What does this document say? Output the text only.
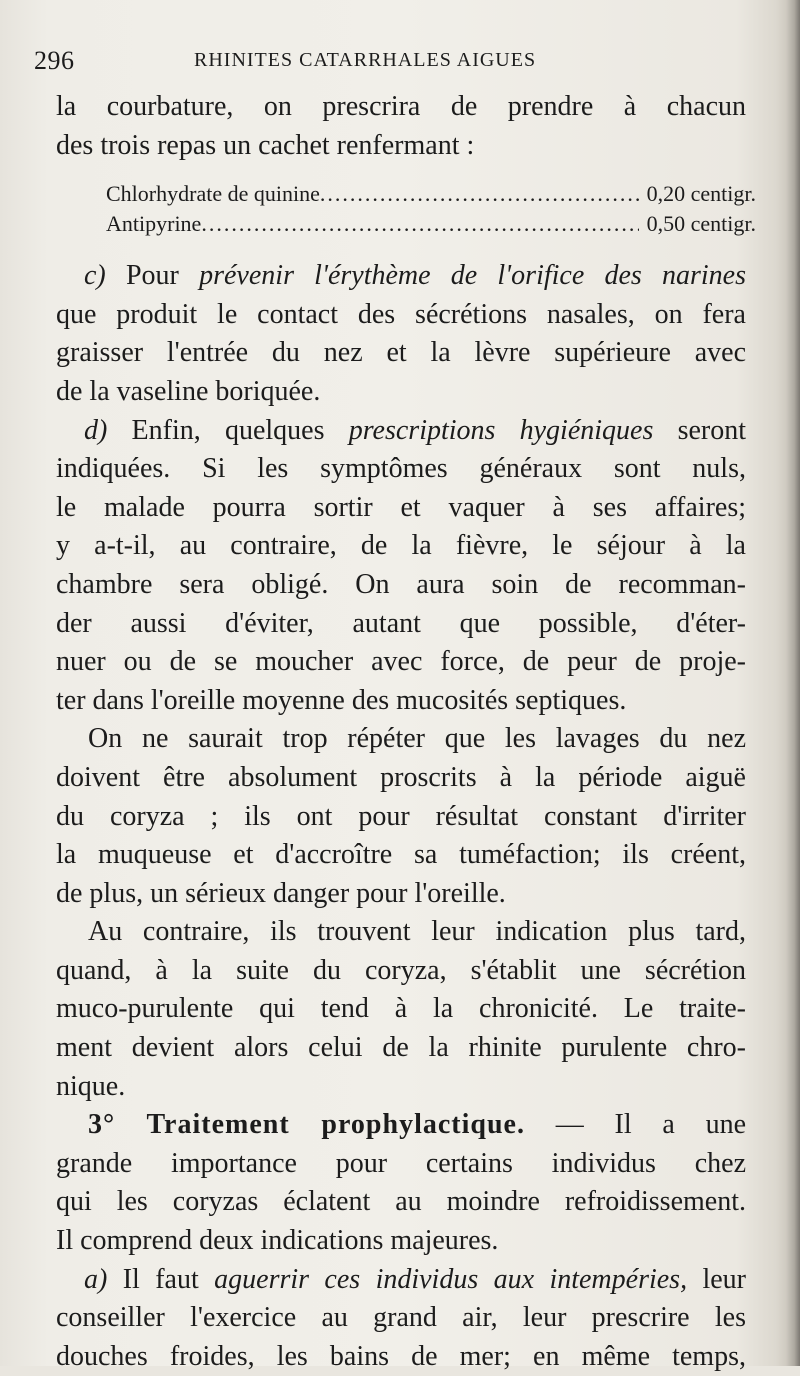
296	RHINITES CATARRHALES AIGUES
la courbature, on prescrira de prendre à chacun
des trois repas un cachet renfermant :
Chlorhydrate de quinine .....	0,20 centigr.
Antipyrine .....	0,50 centigr.
c) Pour prévenir l'érythème de l'orifice des narines
que produit le contact des sécrétions nasales, on fera
graisser l'entrée du nez et la lèvre supérieure avec
de la vaseline boriquée.
d) Enfin, quelques prescriptions hygiéniques seront
indiquées. Si les symptômes généraux sont nuls,
le malade pourra sortir et vaquer à ses affaires;
y a-t-il, au contraire, de la fièvre, le séjour à la
chambre sera obligé. On aura soin de recomman-
der aussi d'éviter, autant que possible, d'éter-
nuer ou de se moucher avec force, de peur de proje-
ter dans l'oreille moyenne des mucosités septiques.
On ne saurait trop répéter que les lavages du nez
doivent être absolument proscrits à la période aiguë
du coryza ; ils ont pour résultat constant d'irriter
la muqueuse et d'accroître sa tuméfaction; ils créent,
de plus, un sérieux danger pour l'oreille.
Au contraire, ils trouvent leur indication plus tard,
quand, à la suite du coryza, s'établit une sécrétion
muco-purulente qui tend à la chronicité. Le traite-
ment devient alors celui de la rhinite purulente chro-
nique.
3° Traitement prophylactique. — Il a une
grande importance pour certains individus chez
qui les coryzas éclatent au moindre refroidissement.
Il comprend deux indications majeures.
a) Il faut aguerrir ces individus aux intempéries, leur
conseiller l'exercice au grand air, leur prescrire les
douches froides, les bains de mer; en même temps,
